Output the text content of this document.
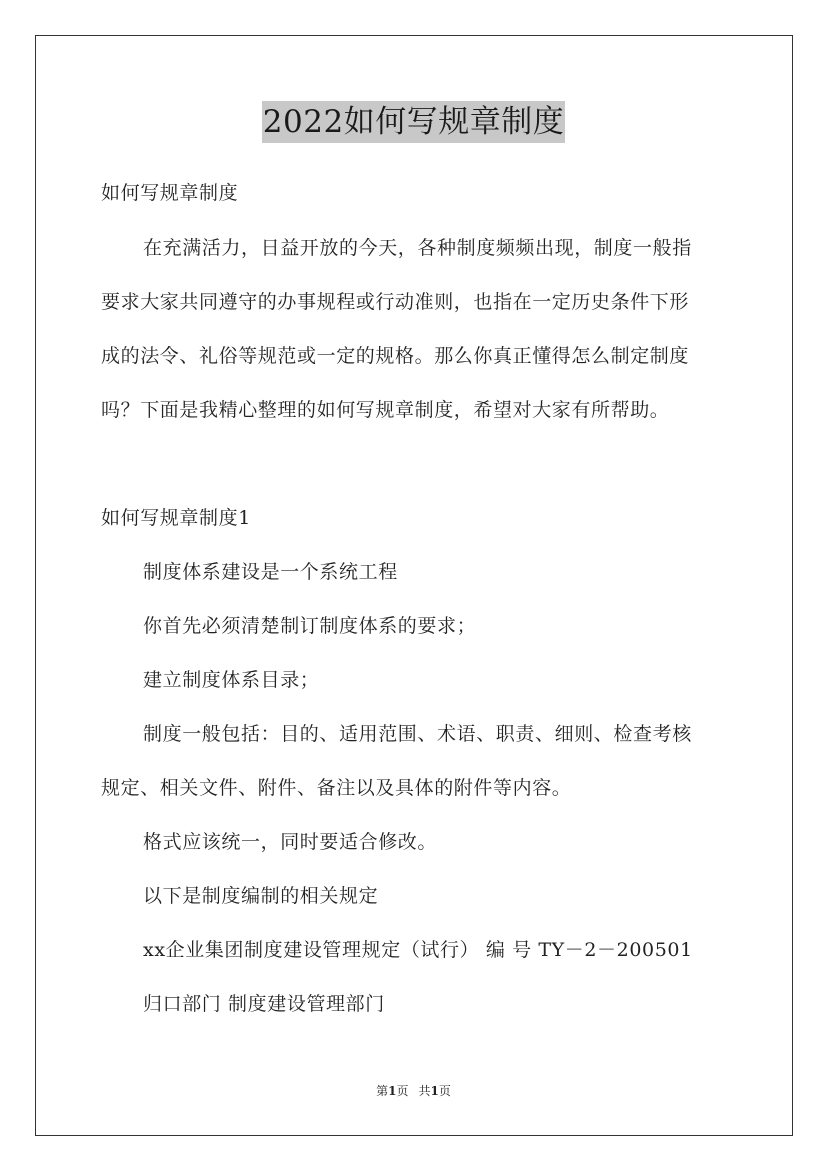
2022如何写规章制度
如何写规章制度
在充满活力，日益开放的今天，各种制度频频出现，制度一般指
要求大家共同遵守的办事规程或行动准则，也指在一定历史条件下形
成的法令、礼俗等规范或一定的规格。那么你真正懂得怎么制定制度
吗？下面是我精心整理的如何写规章制度，希望对大家有所帮助。
如何写规章制度1
制度体系建设是一个系统工程
你首先必须清楚制订制度体系的要求；
建立制度体系目录；
制度一般包括：目的、适用范围、术语、职责、细则、检查考核
规定、相关文件、附件、备注以及具体的附件等内容。
格式应该统一，同时要适合修改。
以下是制度编制的相关规定
xx企业集团制度建设管理规定（试行） 编 号 TY－2－200501
归口部门 制度建设管理部门
第1页 共1页
